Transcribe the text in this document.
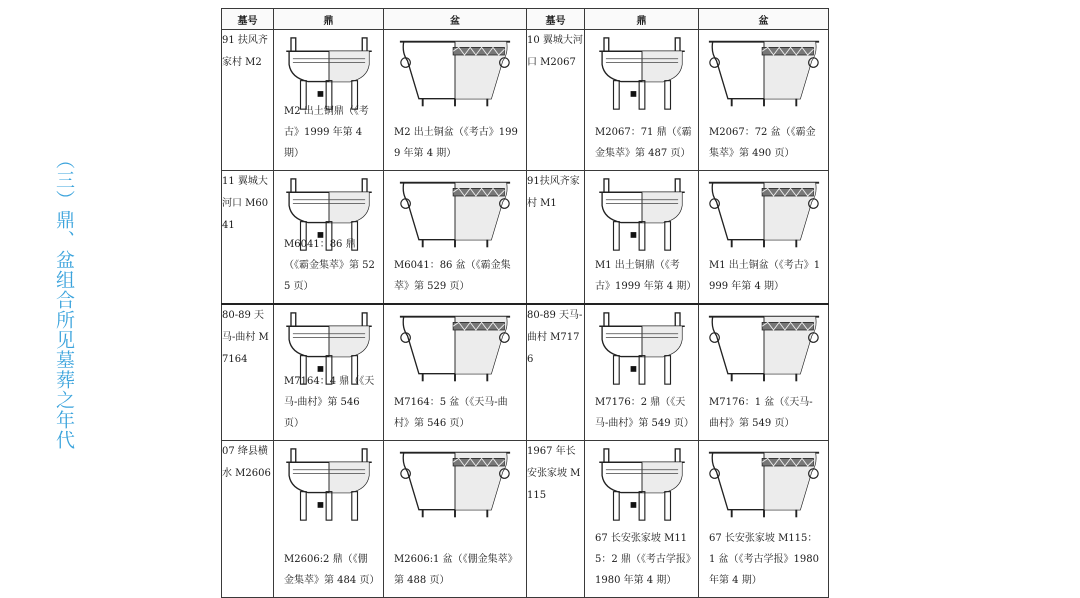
（三）鼎、盆组合所见墓葬之年代
墓号	鼎	盆	墓号	鼎	盆
91 扶风齐家村 M2	M2 出土铜鼎（《考古》1999 年第 4 期）	M2 出土铜盆（《考古》1999 年第 4 期）	10 翼城大河口 M2067	M2067：71 鼎（《霸金集萃》第 487 页）	M2067：72 盆（《霸金集萃》第 490 页）

11 翼城大河口 M6041	M6041：86 鼎（《霸金集萃》第 525 页）	M6041：86 盆（《霸金集萃》第 529 页）	91扶风齐家村 M1	M1 出土铜鼎（《考古》1999 年第 4 期）	M1 出土铜盆（《考古》1999 年第 4 期）

80-89 天马-曲村 M7164	M7164：4 鼎（《天马-曲村》第 546 页）	M7164：5 盆（《天马-曲村》第 546 页）	80-89 天马-曲村 M7176	M7176：2 鼎（《天马-曲村》第 549 页）	M7176：1 盆（《天马-曲村》第 549 页）

07 绛县横水 M2606	M2606:2 鼎（《倗金集萃》第 484 页）	M2606:1 盆（《倗金集萃》第 488 页）	1967 年长安张家坡 M115	67 长安张家坡 M115：2 鼎（《考古学报》1980 年第 4 期）	67 长安张家坡 M115：1 盆（《考古学报》1980 年第 4 期）
